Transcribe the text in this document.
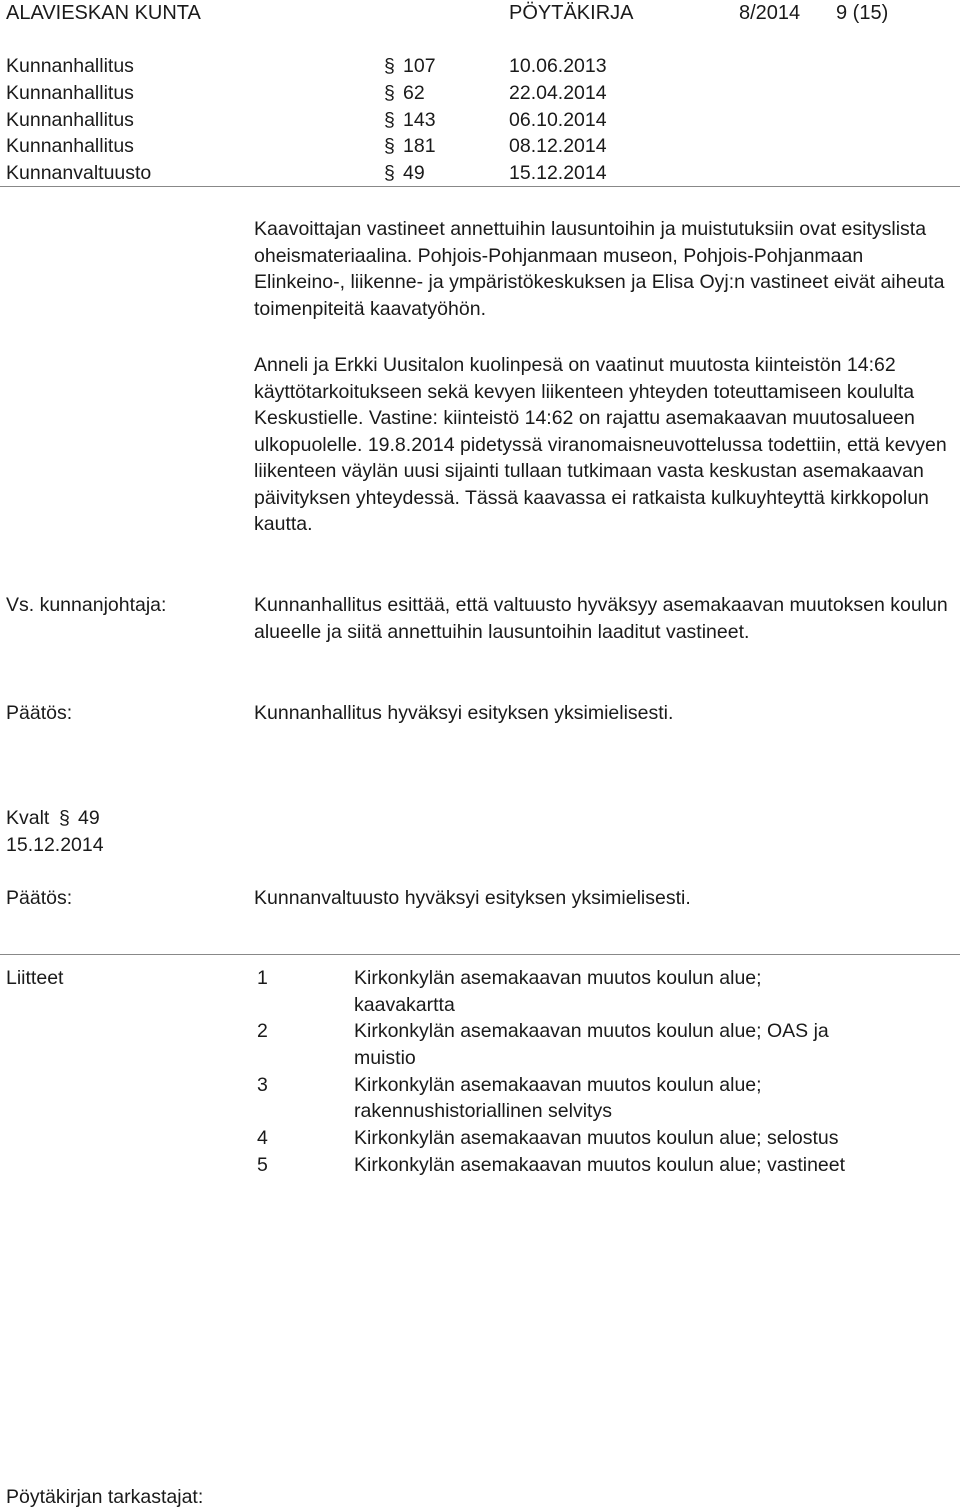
ALAVIESKAN KUNTA	PÖYTÄKIRJA	8/2014 9 (15)
Kunnanhallitus	§ 107	10.06.2013
Kunnanhallitus	§ 62	22.04.2014
Kunnanhallitus	§ 143	06.10.2014
Kunnanhallitus	§ 181	08.12.2014
Kunnanvaltuusto	§ 49	15.12.2014

Kaavoittajan vastineet annettuihin lausuntoihin ja muistutuksiin ovat esityslista oheismateriaalina. Pohjois-Pohjanmaan museon, Pohjois-Pohjanmaan Elinkeino-, liikenne- ja ympäristökeskuksen ja Elisa Oyj:n vastineet eivät aiheuta toimenpiteitä kaavatyöhön.

Anneli ja Erkki Uusitalon kuolinpesä on vaatinut muutosta kiinteistön 14:62 käyttötarkoitukseen sekä kevyen liikenteen yhteyden toteuttamiseen koululta Keskustielle. Vastine: kiinteistö 14:62 on rajattu asemakaavan muutosalueen ulkopuolelle. 19.8.2014 pidetyssä viranomaisneuvottelussa todettiin, että kevyen liikenteen väylän uusi sijainti tullaan tutkimaan vasta keskustan asemakaavan päivityksen yhteydessä. Tässä kaavassa ei ratkaista kulkuyhteyttä kirkkopolun kautta.

Vs. kunnanjohtaja:	Kunnanhallitus esittää, että valtuusto hyväksyy asemakaavan muutoksen koulun alueelle ja siitä annettuihin lausuntoihin laaditut vastineet.

Päätös:	Kunnanhallitus hyväksyi esityksen yksimielisesti.
Kvalt § 49
15.12.2014
Päätös:	Kunnanvaltuusto hyväksyi esityksen yksimielisesti.
Liitteet	1	Kirkonkylän asemakaavan muutos koulun alue;
kaavakartta
2	Kirkonkylän asemakaavan muutos koulun alue; OAS ja
muistio
3	Kirkonkylän asemakaavan muutos koulun alue;
rakennushistoriallinen selvitys
4	Kirkonkylän asemakaavan muutos koulun alue; selostus
5	Kirkonkylän asemakaavan muutos koulun alue; vastineet
Pöytäkirjan tarkastajat:
